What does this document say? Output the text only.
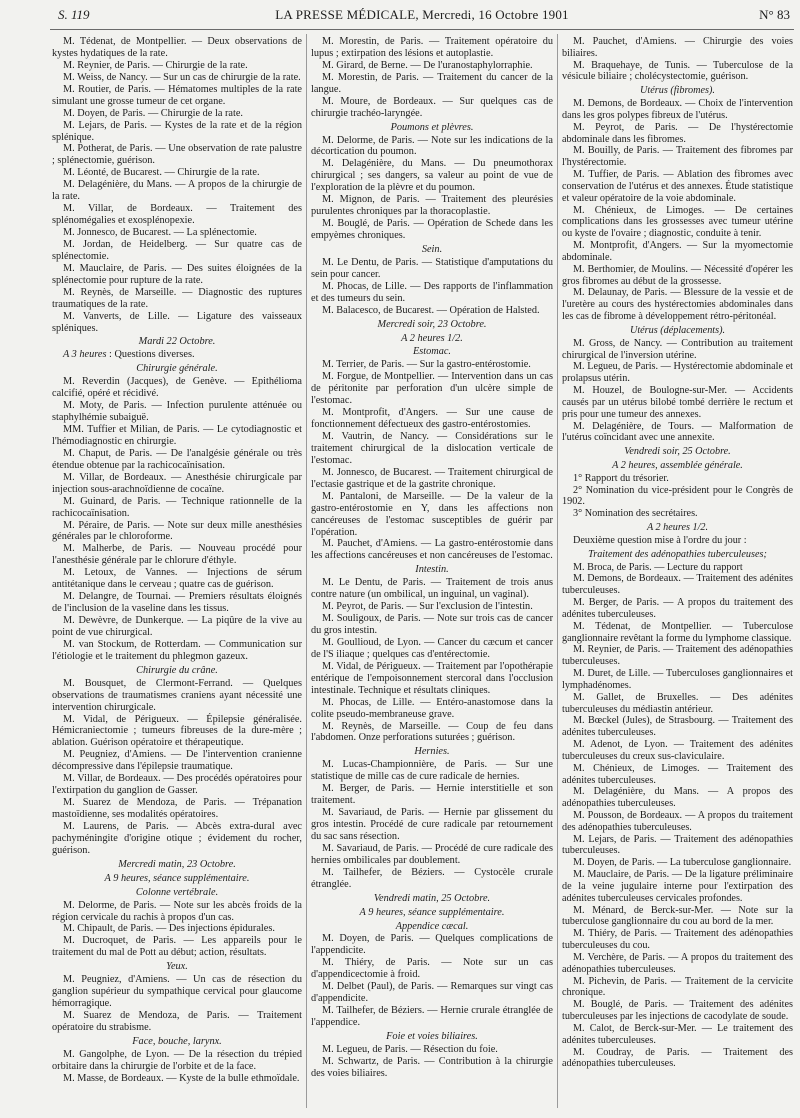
S. 119	LA PRESSE MÉDICALE, Mercredi, 16 Octobre 1901	N° 83

M. Tédenat, de Montpellier. — Deux observations de kystes hydatiques de la rate.

M. Reynier, de Paris. — Chirurgie de la rate.

M. Weiss, de Nancy. — Sur un cas de chirurgie de la rate.

M. Routier, de Paris. — Hématomes multiples de la rate simulant une grosse tumeur de cet organe.

M. Doyen, de Paris. — Chirurgie de la rate.

M. Lejars, de Paris. — Kystes de la rate et de la région splénique.

M. Potherat, de Paris. — Une observation de rate palustre ; splénectomie, guérison.

M. Léonté, de Bucarest. — Chirurgie de la rate.

M. Delagénière, du Mans. — A propos de la chirurgie de la rate.

M. Villar, de Bordeaux. — Traitement des splénomégalies et exosplénopexie.

M. Jonnesco, de Bucarest. — La splénectomie.

M. Jordan, de Heidelberg. — Sur quatre cas de splénectomie.

M. Mauclaire, de Paris. — Des suites éloignées de la splénectomie pour rupture de la rate.

M. Reynès, de Marseille. — Diagnostic des ruptures traumatiques de la rate.

M. Vanverts, de Lille. — Ligature des vaisseaux spléniques.

Mardi 22 Octobre.

A 3 heures : Questions diverses.

Chirurgie générale.

M. Reverdin (Jacques), de Genève. — Epithélioma calcifié, opéré et récidivé.

M. Moty, de Paris. — Infection purulente atténuée ou staphylhémie subaiguë.

MM. Tuffier et Milian, de Paris. — Le cytodiagnostic et l'hémodiagnostic en chirurgie.

M. Chaput, de Paris. — De l'analgésie générale ou très étendue obtenue par la rachicocaïnisation.

M. Villar, de Bordeaux. — Anesthésie chirurgicale par injection sous-arachnoïdienne de cocaïne.

M. Guinard, de Paris. — Technique rationnelle de la rachicocaïnisation.

M. Péraire, de Paris. — Note sur deux mille anesthésies générales par le chloroforme.

M. Malherbe, de Paris. — Nouveau procédé pour l'anesthésie générale par le chlorure d'éthyle.

M. Letoux, de Vannes. — Injections de sérum antitétanique dans le cerveau ; quatre cas de guérison.

M. Delangre, de Tournai. — Premiers résultats éloignés de l'inclusion de la vaseline dans les tissus.

M. Dewèvre, de Dunkerque. — La piqûre de la vive au point de vue chirurgical.

M. van Stockum, de Rotterdam. — Communication sur l'étiologie et le traitement du phlegmon gazeux.

Chirurgie du crâne.

M. Bousquet, de Clermont-Ferrand. — Quelques observations de traumatismes craniens ayant nécessité une intervention chirurgicale.

M. Vidal, de Périgueux. — Épilepsie généralisée. Hémicraniectomie ; tumeurs fibreuses de la dure-mère ; ablation. Guérison opératoire et thérapeutique.

M. Peugniez, d'Amiens. — De l'intervention cranienne décompressive dans l'épilepsie traumatique.

M. Villar, de Bordeaux. — Des procédés opératoires pour l'extirpation du ganglion de Gasser.

M. Suarez de Mendoza, de Paris. — Trépanation mastoïdienne, ses modalités opératoires.

M. Laurens, de Paris. — Abcès extra-dural avec pachyméningite d'origine otique ; évidement du rocher, guérison.

Mercredi matin, 23 Octobre.

A 9 heures, séance supplémentaire.

Colonne vertébrale.

M. Delorme, de Paris. — Note sur les abcès froids de la région cervicale du rachis à propos d'un cas.

M. Chipault, de Paris. — Des injections épidurales.

M. Ducroquet, de Paris. — Les appareils pour le traitement du mal de Pott au début; action, résultats.

Yeux.

M. Peugniez, d'Amiens. — Un cas de résection du ganglion supérieur du sympathique cervical pour glaucome hémorragique.

M. Suarez de Mendoza, de Paris. — Traitement opératoire du strabisme.

Face, bouche, larynx.

M. Gangolphe, de Lyon. — De la résection du trépied orbitaire dans la chirurgie de l'orbite et de la face.

M. Masse, de Bordeaux. — Kyste de la bulle ethmoïdale.

M. Morestin, de Paris. — Traitement opératoire du lupus ; extirpation des lésions et autoplastie.

M. Girard, de Berne. — De l'uranostaphylorraphie.

M. Morestin, de Paris. — Traitement du cancer de la langue.

M. Moure, de Bordeaux. — Sur quelques cas de chirurgie trachéo-laryngée.

Poumons et plèvres.

M. Delorme, de Paris. — Note sur les indications de la décortication du poumon.

M. Delagénière, du Mans. — Du pneumothorax chirurgical ; ses dangers, sa valeur au point de vue de l'exploration de la plèvre et du poumon.

M. Mignon, de Paris. — Traitement des pleurésies purulentes chroniques par la thoracoplastie.

M. Bouglé, de Paris. — Opération de Schede dans les empyèmes chroniques.

Sein.

M. Le Dentu, de Paris. — Statistique d'amputations du sein pour cancer.

M. Phocas, de Lille. — Des rapports de l'inflammation et des tumeurs du sein.

M. Balacesco, de Bucarest. — Opération de Halsted.

Mercredi soir, 23 Octobre.

A 2 heures 1/2.

Estomac.

M. Terrier, de Paris. — Sur la gastro-entérostomie.

M. Forgue, de Montpellier. — Intervention dans un cas de péritonite par perforation d'un ulcère simple de l'estomac.

M. Montprofit, d'Angers. — Sur une cause de fonctionnement défectueux des gastro-entérostomies.

M. Vautrin, de Nancy. — Considérations sur le traitement chirurgical de la dislocation verticale de l'estomac.

M. Jonnesco, de Bucarest. — Traitement chirurgical de l'ectasie gastrique et de la gastrite chronique.

M. Pantaloni, de Marseille. — De la valeur de la gastro-entérostomie en Y, dans les affections non cancéreuses de l'estomac susceptibles de guérir par l'opération.

M. Pauchet, d'Amiens. — La gastro-entérostomie dans les affections cancéreuses et non cancéreuses de l'estomac.

Intestin.

M. Le Dentu, de Paris. — Traitement de trois anus contre nature (un ombilical, un inguinal, un vaginal).

M. Peyrot, de Paris. — Sur l'exclusion de l'intestin.

M. Souligoux, de Paris. — Note sur trois cas de cancer du gros intestin.

M. Goullioud, de Lyon. — Cancer du cæcum et cancer de l'S iliaque ; quelques cas d'entérectomie.

M. Vidal, de Périgueux. — Traitement par l'opothérapie entérique de l'empoisonnement stercoral dans l'occlusion intestinale. Technique et résultats cliniques.

M. Phocas, de Lille. — Entéro-anastomose dans la colite pseudo-membraneuse grave.

M. Reynès, de Marseille. — Coup de feu dans l'abdomen. Onze perforations suturées ; guérison.

Hernies.

M. Lucas-Championnière, de Paris. — Sur une statistique de mille cas de cure radicale de hernies.

M. Berger, de Paris. — Hernie interstitielle et son traitement.

M. Savariaud, de Paris. — Hernie par glissement du gros intestin. Procédé de cure radicale par retournement du sac sans résection.

M. Savariaud, de Paris. — Procédé de cure radicale des hernies ombilicales par doublement.

M. Tailhefer, de Béziers. — Cystocèle crurale étranglée.

Vendredi matin, 25 Octobre.

A 9 heures, séance supplémentaire.

Appendice cæcal.

M. Doyen, de Paris. — Quelques complications de l'appendicite.

M. Thiéry, de Paris. — Note sur un cas d'appendicectomie à froid.

M. Delbet (Paul), de Paris. — Remarques sur vingt cas d'appendicite.

M. Tailhefer, de Béziers. — Hernie crurale étranglée de l'appendice.

Foie et voies biliaires.

M. Legueu, de Paris. — Résection du foie.

M. Schwartz, de Paris. — Contribution à la chirurgie des voies biliaires.

M. Pauchet, d'Amiens. — Chirurgie des voies biliaires.

M. Braquehaye, de Tunis. — Tuberculose de la vésicule biliaire ; cholécystectomie, guérison.

Utérus (fibromes).

M. Demons, de Bordeaux. — Choix de l'intervention dans les gros polypes fibreux de l'utérus.

M. Peyrot, de Paris. — De l'hystérectomie abdominale dans les fibromes.

M. Bouilly, de Paris. — Traitement des fibromes par l'hystérectomie.

M. Tuffier, de Paris. — Ablation des fibromes avec conservation de l'utérus et des annexes. Étude statistique et valeur opératoire de la voie abdominale.

M. Chénieux, de Limoges. — De certaines complications dans les grossesses avec tumeur utérine ou kyste de l'ovaire ; diagnostic, conduite à tenir.

M. Montprofit, d'Angers. — Sur la myomectomie abdominale.

M. Berthomier, de Moulins. — Nécessité d'opérer les gros fibromes au début de la grossesse.

M. Delaunay, de Paris. — Blessure de la vessie et de l'uretère au cours des hystérectomies abdominales dans les cas de fibrome à développement rétro-péritonéal.

Utérus (déplacements).

M. Gross, de Nancy. — Contribution au traitement chirurgical de l'inversion utérine.

M. Legueu, de Paris. — Hystérectomie abdominale et prolapsus utérin.

M. Houzel, de Boulogne-sur-Mer. — Accidents causés par un utérus bilobé tombé derrière le rectum et pris pour une tumeur des annexes.

M. Delagénière, de Tours. — Malformation de l'utérus coïncidant avec une annexite.

Vendredi soir, 25 Octobre.

A 2 heures, assemblée générale.

1° Rapport du trésorier.

2° Nomination du vice-président pour le Congrès de 1902.

3° Nomination des secrétaires.

A 2 heures 1/2.

Deuxième question mise à l'ordre du jour :

Traitement des adénopathies tuberculeuses;

M. Broca, de Paris. — Lecture du rapport

M. Demons, de Bordeaux. — Traitement des adénites tuberculeuses.

M. Berger, de Paris. — A propos du traitement des adénites tuberculeuses.

M. Tédenat, de Montpellier. — Tuberculose ganglionnaire revêtant la forme du lymphome classique.

M. Reynier, de Paris. — Traitement des adénopathies tuberculeuses.

M. Duret, de Lille. — Tuberculoses ganglionnaires et lymphadénomes.

M. Gallet, de Bruxelles. — Des adénites tuberculeuses du médiastin antérieur.

M. Bœckel (Jules), de Strasbourg. — Traitement des adénites tuberculeuses.

M. Adenot, de Lyon. — Traitement des adénites tuberculeuses du creux sus-claviculaire.

M. Chénieux, de Limoges. — Traitement des adénites tuberculeuses.

M. Delagénière, du Mans. — A propos des adénopathies tuberculeuses.

M. Pousson, de Bordeaux. — A propos du traitement des adénopathies tuberculeuses.

M. Lejars, de Paris. — Traitement des adénopathies tuberculeuses.

M. Doyen, de Paris. — La tuberculose ganglionnaire.

M. Mauclaire, de Paris. — De la ligature préliminaire de la veine jugulaire interne pour l'extirpation des adénites tuberculeuses cervicales profondes.

M. Ménard, de Berck-sur-Mer. — Note sur la tuberculose ganglionnaire du cou au bord de la mer.

M. Thiéry, de Paris. — Traitement des adénopathies tuberculeuses du cou.

M. Verchère, de Paris. — A propos du traitement des adénopathies tuberculeuses.

M. Pichevin, de Paris. — Traitement de la cervicite chronique.

M. Bouglé, de Paris. — Traitement des adénites tuberculeuses par les injections de cacodylate de soude.

M. Calot, de Berck-sur-Mer. — Le traitement des adénites tuberculeuses.

M. Coudray, de Paris. — Traitement des adénopathies tuberculeuses.
